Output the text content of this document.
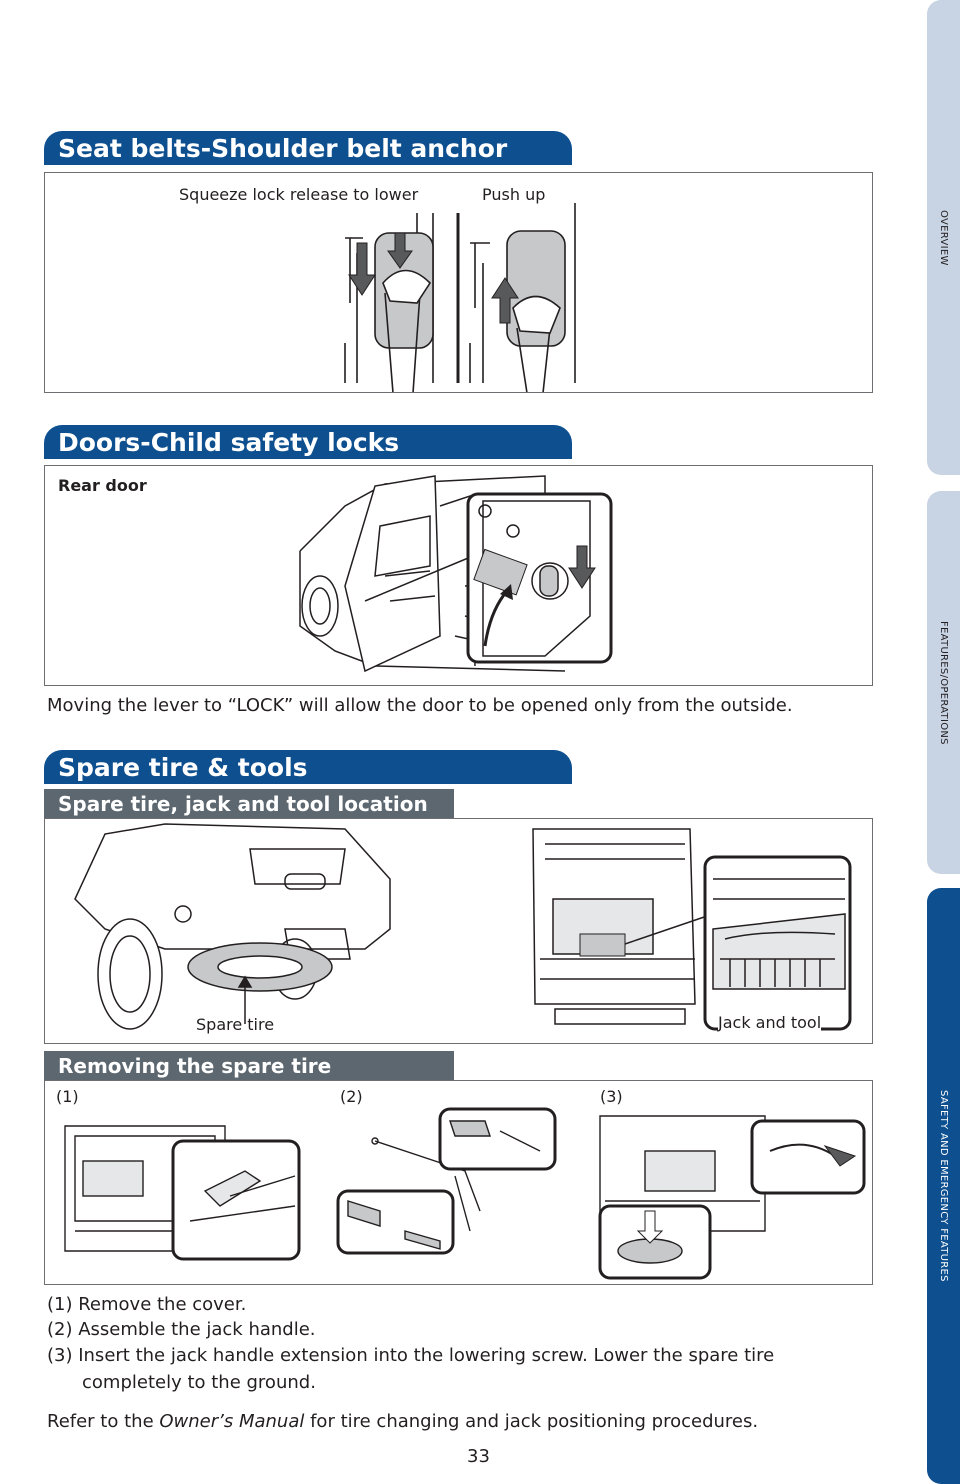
OVERVIEW
FEATURES/OPERATIONS
SAFETY AND EMERGENCY FEATURES
Seat belts-Shoulder belt anchor
Squeeze lock release to lower	Push up
Doors-Child safety locks
Rear door
Moving the lever to “LOCK” will allow the door to be opened only from the outside.
Spare tire & tools
Spare tire, jack and tool location
Spare tire	Jack and tool
Removing the spare tire
(1)	(2)	(3)
(1) Remove the cover.
(2) Assemble the jack handle.
(3) Insert the jack handle extension into the lowering screw. Lower the spare tire
completely to the ground.
Refer to the Owner’s Manual for tire changing and jack positioning procedures.
33
